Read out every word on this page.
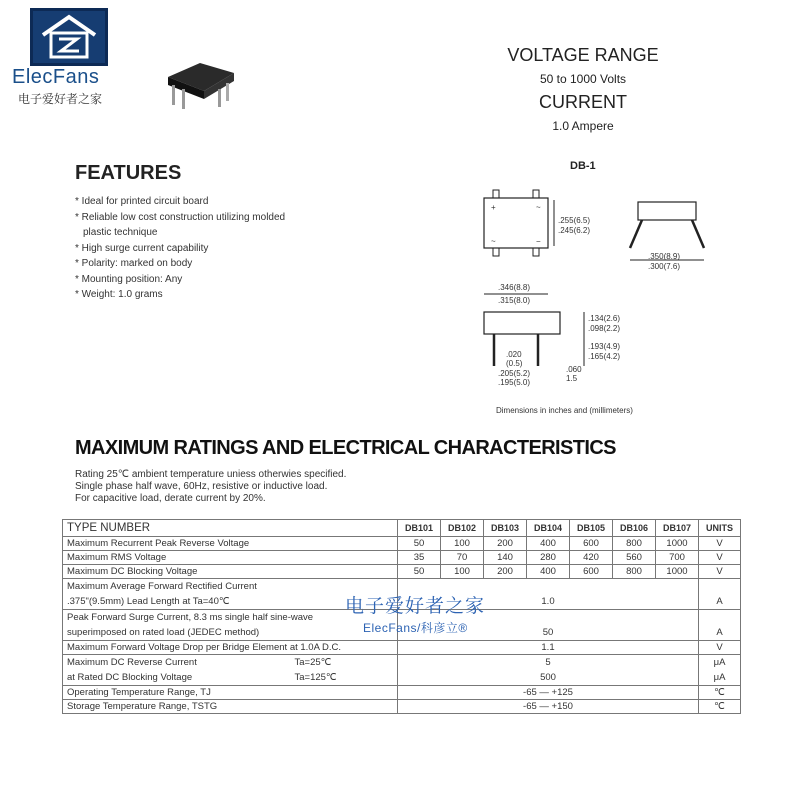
ElecFans
电子爱好者之家
VOLTAGE RANGE
50 to 1000 Volts
CURRENT
1.0 Ampere
FEATURES
* Ideal for printed circuit board
* Reliable low cost construction utilizing molded
plastic technique
* High surge current capability
* Polarity: marked on body
* Mounting position: Any
* Weight: 1.0 grams
DB-1
+	~
~	−
.255(6.5)
.245(6.2)
.350(8.9)
.300(7.6)
.346(8.8)
.315(8.0)
.134(2.6)
.098(2.2)
.193(4.9)
.165(4.2)
.020
(0.5)
.205(5.2)
.195(5.0)
.060
1.5
Dimensions in inches and (millimeters)
MAXIMUM RATINGS AND ELECTRICAL CHARACTERISTICS
Rating 25℃ ambient temperature uniess otherwies specified.
Single phase half wave, 60Hz, resistive or inductive load.
For capacitive load, derate current by 20%.
TYPE NUMBER	DB101	DB102	DB103	DB104	DB105	DB106	DB107	UNITS
Maximum Recurrent Peak Reverse Voltage	50	100	200	400	600	800	1000	V
Maximum RMS Voltage	35	70	140	280	420	560	700	V
Maximum DC Blocking Voltage	50	100	200	400	600	800	1000	V
Maximum Average Forward Rectified Current								
.375"(9.5mm) Lead Length at Ta=40℃	1.0							A
Peak Forward Surge Current, 8.3 ms single half sine-wave								
superimposed on rated load (JEDEC method)	50							A
Maximum Forward Voltage Drop per Bridge Element at 1.0A D.C.	1.1							V
Maximum DC Reverse Current Ta=25℃	5							μA
at Rated DC Blocking Voltage Ta=125℃	500							μA
Operating Temperature Range, TJ	-65 — +125							℃
Storage Temperature Range, TSTG	-65 — +150							℃
电子爱好者之家
ElecFans/科彦立®
